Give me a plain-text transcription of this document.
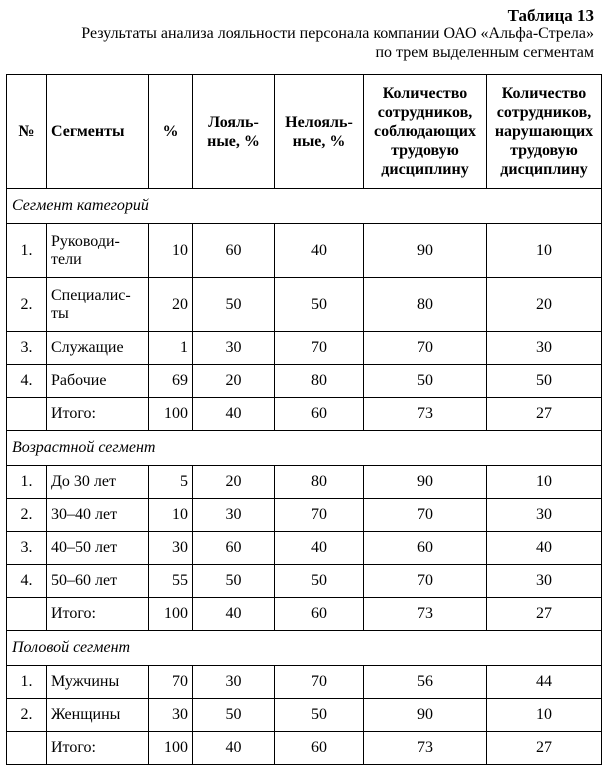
Таблица 13
Результаты анализа лояльности персонала компании ОАО «Альфа-Стрела»
по трем выделенным сегментам
№	Сегменты	%	Лояль-ные, %	Нелояль-ные, %	Количество сотрудников, соблюдающих трудовую дисциплину	Количество сотрудников, нарушающих трудовую дисциплину
Сегмент категорий						
1.	Руководи-тели	10	60	40	90	10
2.	Специалис-ты	20	50	50	80	20
3.	Служащие	1	30	70	70	30
4.	Рабочие	69	20	80	50	50
	Итого:	100	40	60	73	27
Возрастной сегмент						
1.	До 30 лет	5	20	80	90	10
2.	30–40 лет	10	30	70	70	30
3.	40–50 лет	30	60	40	60	40
4.	50–60 лет	55	50	50	70	30
	Итого:	100	40	60	73	27
Половой сегмент						
1.	Мужчины	70	30	70	56	44
2.	Женщины	30	50	50	90	10
	Итого:	100	40	60	73	27
